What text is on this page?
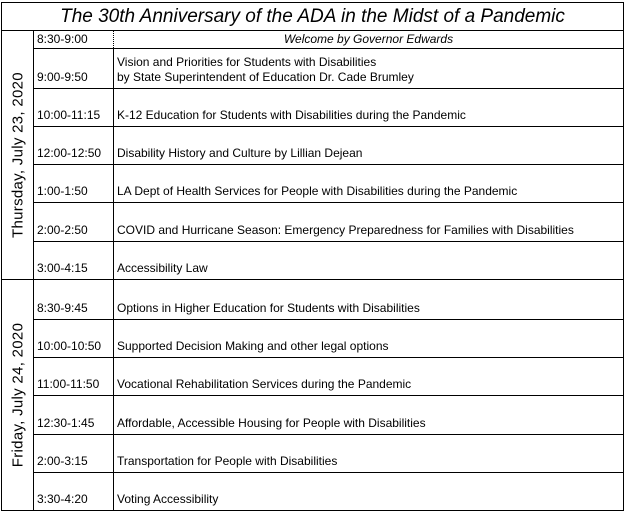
The 30th Anniversary of the ADA in the Midst of a Pandemic
Thursday, July 23, 2020
Friday, July 24, 2020
8:30-9:00	Welcome by Governor Edwards
9:00-9:50
Vision and Priorities for Students with Disabilities
by State Superintendent of Education Dr. Cade Brumley
10:00-11:15 K-12 Education for Students with Disabilities during the Pandemic
12:00-12:50 Disability History and Culture by Lillian Dejean
1:00-1:50 LA Dept of Health Services for People with Disabilities during the Pandemic
2:00-2:50 COVID and Hurricane Season: Emergency Preparedness for Families with Disabilities
3:00-4:15 Accessibility Law
8:30-9:45 Options in Higher Education for Students with Disabilities
10:00-10:50 Supported Decision Making and other legal options
11:00-11:50 Vocational Rehabilitation Services during the Pandemic
12:30-1:45 Affordable, Accessible Housing for People with Disabilities
2:00-3:15 Transportation for People with Disabilities
3:30-4:20 Voting Accessibility
